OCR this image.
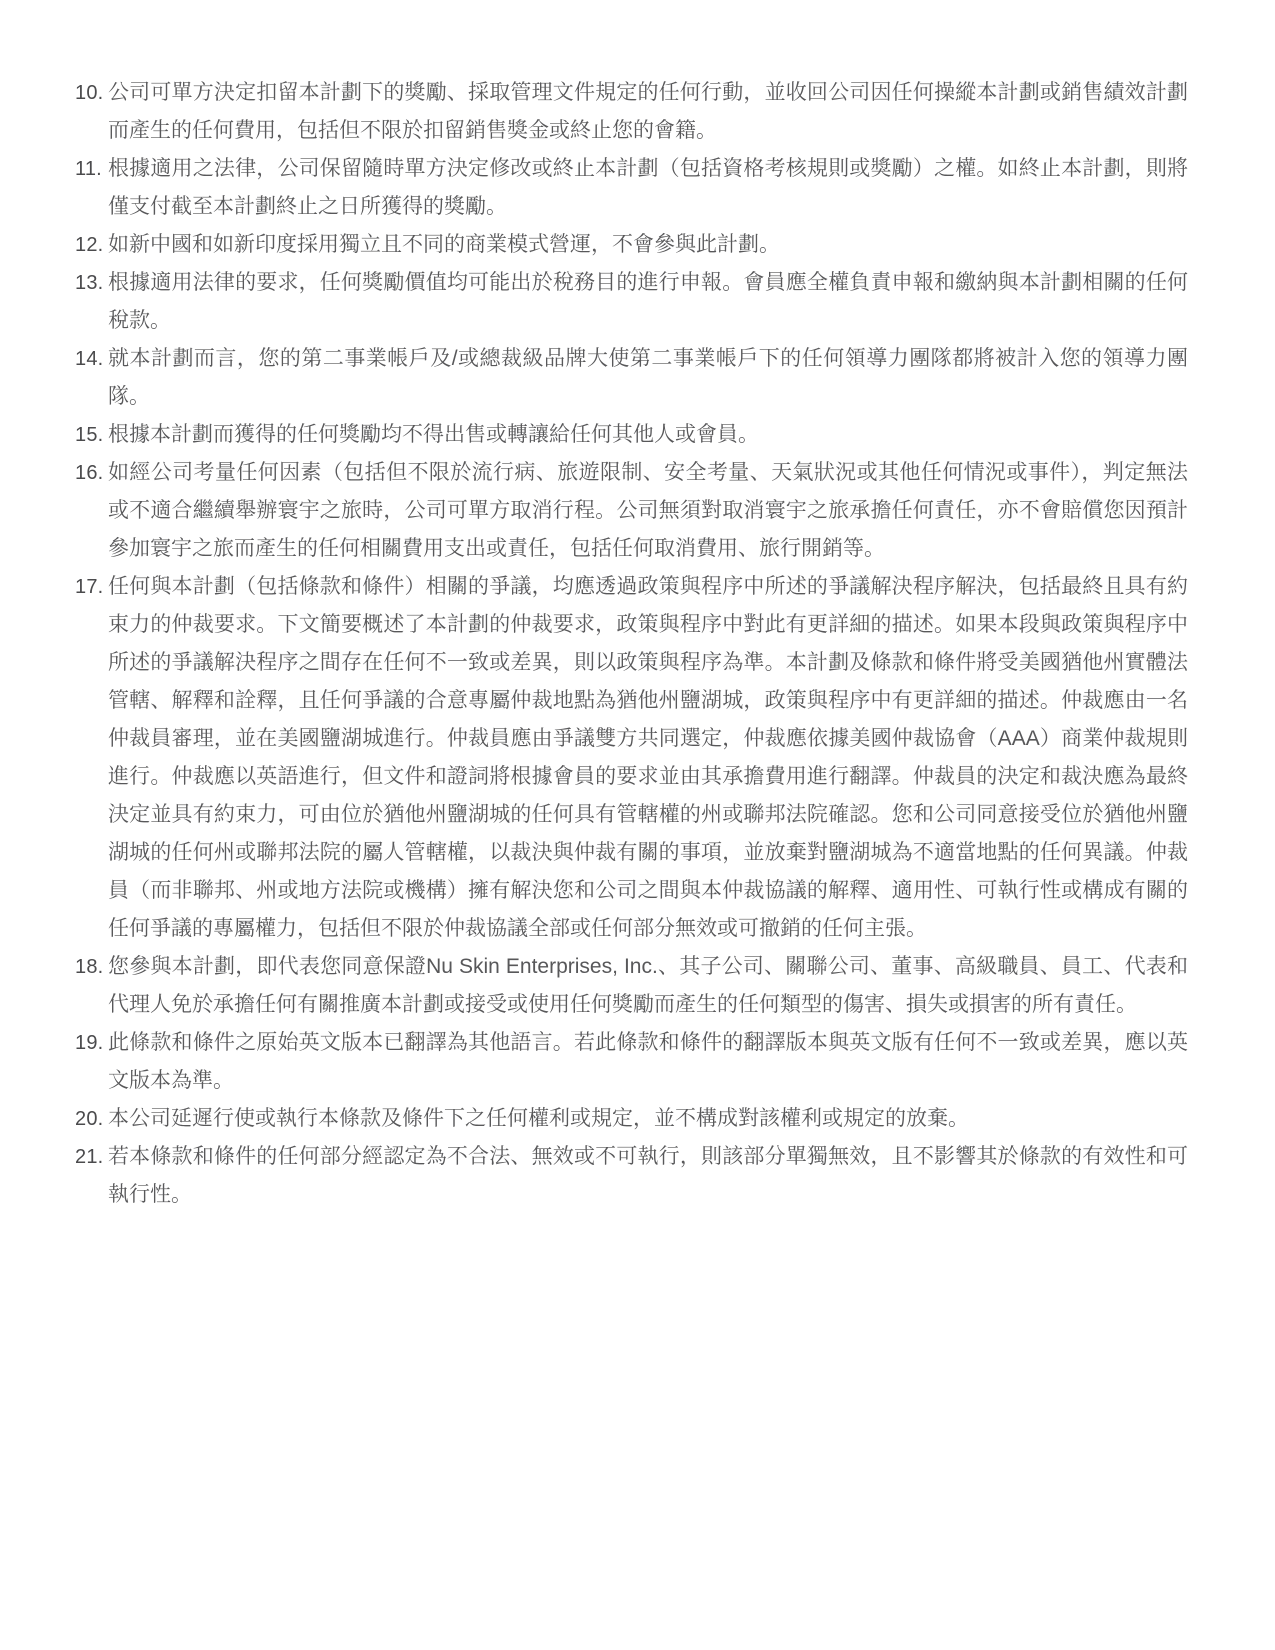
10. 公司可單方決定扣留本計劃下的獎勵、採取管理文件規定的任何行動，並收回公司因任何操縱本計劃或銷售績效計劃而產生的任何費用，包括但不限於扣留銷售獎金或終止您的會籍。
11. 根據適用之法律，公司保留隨時單方決定修改或終止本計劃（包括資格考核規則或獎勵）之權。如終止本計劃，則將僅支付截至本計劃終止之日所獲得的獎勵。
12. 如新中國和如新印度採用獨立且不同的商業模式營運，不會參與此計劃。
13. 根據適用法律的要求，任何獎勵價值均可能出於稅務目的進行申報。會員應全權負責申報和繳納與本計劃相關的任何稅款。
14. 就本計劃而言，您的第二事業帳戶及/或總裁級品牌大使第二事業帳戶下的任何領導力團隊都將被計入您的領導力團隊。
15. 根據本計劃而獲得的任何獎勵均不得出售或轉讓給任何其他人或會員。
16. 如經公司考量任何因素（包括但不限於流行病、旅遊限制、安全考量、天氣狀況或其他任何情況或事件），判定無法或不適合繼續舉辦寰宇之旅時，公司可單方取消行程。公司無須對取消寰宇之旅承擔任何責任，亦不會賠償您因預計參加寰宇之旅而產生的任何相關費用支出或責任，包括任何取消費用、旅行開銷等。
17. 任何與本計劃（包括條款和條件）相關的爭議，均應透過政策與程序中所述的爭議解決程序解決，包括最終且具有約束力的仲裁要求。下文簡要概述了本計劃的仲裁要求，政策與程序中對此有更詳細的描述。如果本段與政策與程序中所述的爭議解決程序之間存在任何不一致或差異，則以政策與程序為準。本計劃及條款和條件將受美國猶他州實體法管轄、解釋和詮釋，且任何爭議的合意專屬仲裁地點為猶他州鹽湖城，政策與程序中有更詳細的描述。仲裁應由一名仲裁員審理，並在美國鹽湖城進行。仲裁員應由爭議雙方共同選定，仲裁應依據美國仲裁協會（AAA）商業仲裁規則進行。仲裁應以英語進行，但文件和證詞將根據會員的要求並由其承擔費用進行翻譯。仲裁員的決定和裁決應為最終決定並具有約束力，可由位於猶他州鹽湖城的任何具有管轄權的州或聯邦法院確認。您和公司同意接受位於猶他州鹽湖城的任何州或聯邦法院的屬人管轄權，以裁決與仲裁有關的事項，並放棄對鹽湖城為不適當地點的任何異議。仲裁員（而非聯邦、州或地方法院或機構）擁有解決您和公司之間與本仲裁協議的解釋、適用性、可執行性或構成有關的任何爭議的專屬權力，包括但不限於仲裁協議全部或任何部分無效或可撤銷的任何主張。
18. 您參與本計劃，即代表您同意保證Nu Skin Enterprises, Inc.、其子公司、關聯公司、董事、高級職員、員工、代表和代理人免於承擔任何有關推廣本計劃或接受或使用任何獎勵而產生的任何類型的傷害、損失或損害的所有責任。
19. 此條款和條件之原始英文版本已翻譯為其他語言。若此條款和條件的翻譯版本與英文版有任何不一致或差異，應以英文版本為準。
20. 本公司延遲行使或執行本條款及條件下之任何權利或規定，並不構成對該權利或規定的放棄。
21. 若本條款和條件的任何部分經認定為不合法、無效或不可執行，則該部分單獨無效，且不影響其於條款的有效性和可執行性。
